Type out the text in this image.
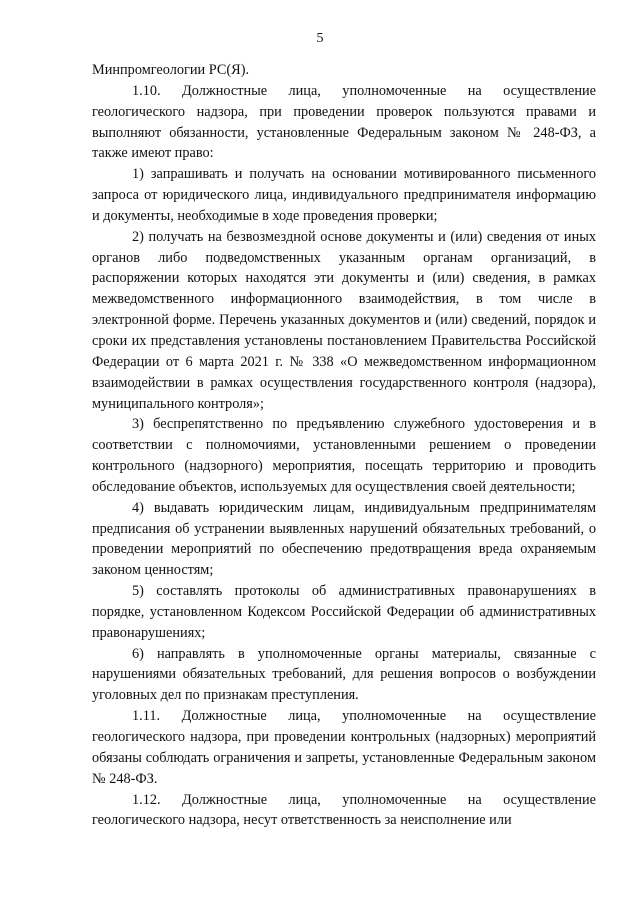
5

Минпромгеологии РС(Я).

1.10. Должностные лица, уполномоченные на осуществление геологического надзора, при проведении проверок пользуются правами и выполняют обязанности, установленные Федеральным законом № 248-ФЗ, а также имеют право:

1) запрашивать и получать на основании мотивированного письменного запроса от юридического лица, индивидуального предпринимателя информацию и документы, необходимые в ходе проведения проверки;

2) получать на безвозмездной основе документы и (или) сведения от иных органов либо подведомственных указанным органам организаций, в распоряжении которых находятся эти документы и (или) сведения, в рамках межведомственного информационного взаимодействия, в том числе в электронной форме. Перечень указанных документов и (или) сведений, порядок и сроки их представления установлены постановлением Правительства Российской Федерации от 6 марта 2021 г. № 338 «О межведомственном информационном взаимодействии в рамках осуществления государственного контроля (надзора), муниципального контроля»;

3) беспрепятственно по предъявлению служебного удостоверения и в соответствии с полномочиями, установленными решением о проведении контрольного (надзорного) мероприятия, посещать территорию и проводить обследование объектов, используемых для осуществления своей деятельности;

4) выдавать юридическим лицам, индивидуальным предпринимателям предписания об устранении выявленных нарушений обязательных требований, о проведении мероприятий по обеспечению предотвращения вреда охраняемым законом ценностям;

5) составлять протоколы об административных правонарушениях в порядке, установленном Кодексом Российской Федерации об административных правонарушениях;

6) направлять в уполномоченные органы материалы, связанные с нарушениями обязательных требований, для решения вопросов о возбуждении уголовных дел по признакам преступления.

1.11. Должностные лица, уполномоченные на осуществление геологического надзора, при проведении контрольных (надзорных) мероприятий обязаны соблюдать ограничения и запреты, установленные Федеральным законом № 248-ФЗ.

1.12. Должностные лица, уполномоченные на осуществление геологического надзора, несут ответственность за неисполнение или
